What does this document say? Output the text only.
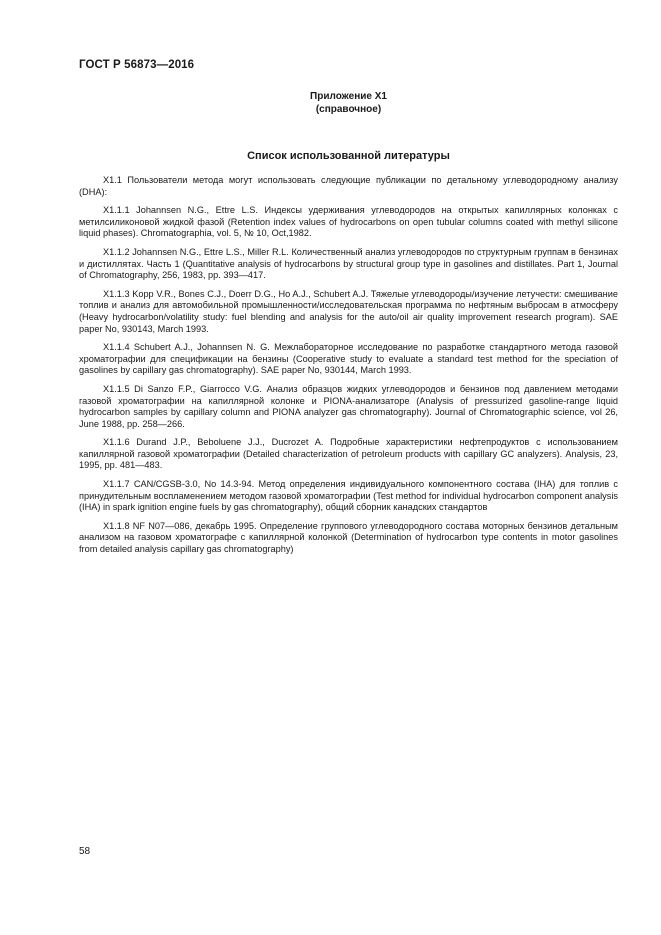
ГОСТ Р 56873—2016
Приложение X1
(справочное)
Список использованной литературы

X1.1 Пользователи метода могут использовать следующие публикации по детальному углеводородному анализу (DHA):

X1.1.1 Johannsen N.G., Ettre L.S. Индексы удерживания углеводородов на открытых капиллярных колонках с метилсиликоновой жидкой фазой (Retention index values of hydrocarbons on open tubular columns coated with methyl silicone liquid phases). Chromatographia, vol. 5, № 10, Oct,1982.

X1.1.2 Johannsen N.G., Ettre L.S., Miller R.L. Количественный анализ углеводородов по структурным группам в бензинах и дистиллятах. Часть 1 (Quantitative analysis of hydrocarbons by structural group type in gasolines and distillates. Part 1, Journal of Chromatography, 256, 1983, pp. 393—417.

X1.1.3 Kopp V.R., Bones C.J., Doerr D.G., Ho A.J., Schubert A.J. Тяжелые углеводороды/изучение летучести: смешивание топлив и анализ для автомобильной промышленности/исследовательская программа по нефтяным выбросам в атмосферу (Heavy hydrocarbon/volatility study: fuel blending and analysis for the auto/oil air quality improvement research program). SAE paper No, 930143, March 1993.

X1.1.4 Schubert A.J., Johannsen N. G. Межлабораторное исследование по разработке стандартного метода газовой хроматографии для спецификации на бензины (Cooperative study to evaluate a standard test method for the speciation of gasolines by capillary gas chromatography). SAE paper No, 930144, March 1993.

X1.1.5 Di Sanzo F.P., Giarrocco V.G. Анализ образцов жидких углеводородов и бензинов под давлением методами газовой хроматографии на капиллярной колонке и PIONA-анализаторе (Analysis of pressurized gasoline-range liquid hydrocarbon samples by capillary column and PIONA analyzer gas chromatography). Journal of Chromatographic science, vol 26, June 1988, pp. 258—266.

X1.1.6 Durand J.P., Beboluene J.J., Ducrozet A. Подробные характеристики нефтепродуктов с использованием капиллярной газовой хроматографии (Detailed characterization of petroleum products with capillary GC analyzers). Analysis, 23, 1995, pp. 481—483.

X1.1.7 CAN/CGSB-3.0, No 14.3-94. Метод определения индивидуального компонентного состава (IHA) для топлив с принудительным воспламенением методом газовой хроматографии (Test method for individual hydrocarbon component analysis (IHA) in spark ignition engine fuels by gas chromatography), общий сборник канадских стандартов

X1.1.8 NF N07—086, декабрь 1995. Определение группового углеводородного состава моторных бензинов детальным анализом на газовом хроматографе с капиллярной колонкой (Determination of hydrocarbon type contents in motor gasolines from detailed analysis capillary gas chromatography)

58
